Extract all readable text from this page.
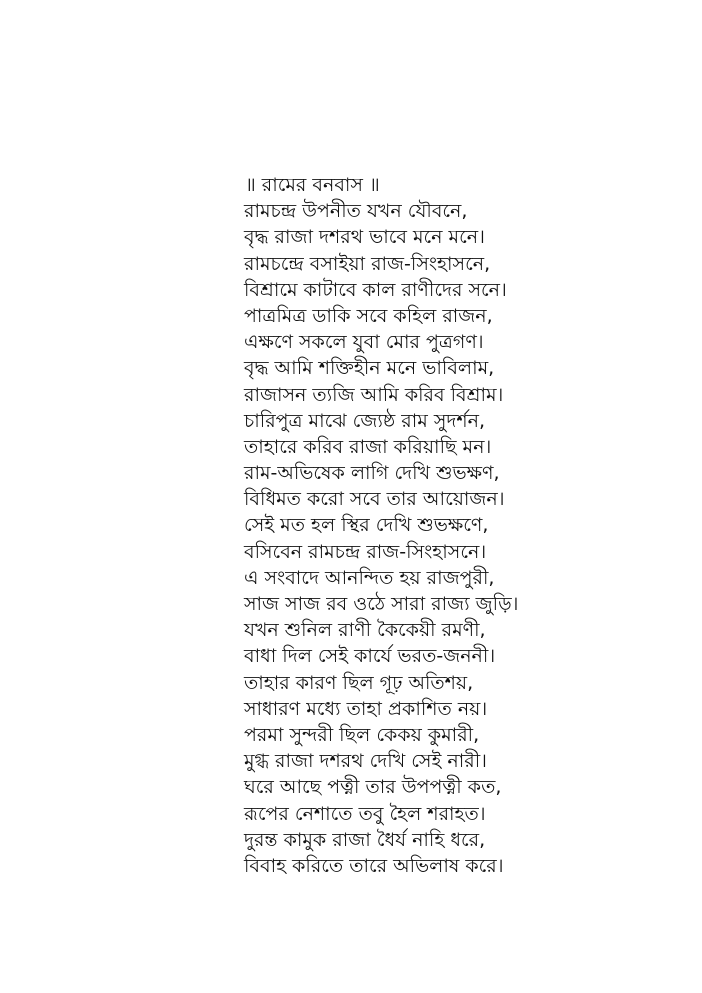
॥ রামের বনবাস ॥
রামচন্দ্র উপনীত যখন যৌবনে,
বৃদ্ধ রাজা দশরথ ভাবে মনে মনে।
রামচন্দ্রে বসাইয়া রাজ-সিংহাসনে,
বিশ্রামে কাটাবে কাল রাণীদের সনে।
পাত্রমিত্র ডাকি সবে কহিল রাজন,
এক্ষণে সকলে যুবা মোর পুত্রগণ।
বৃদ্ধ আমি শক্তিহীন মনে ভাবিলাম,
রাজাসন ত্যজি আমি করিব বিশ্রাম।
চারিপুত্র মাঝে জ্যেষ্ঠ রাম সুদর্শন,
তাহারে করিব রাজা করিয়াছি মন।
রাম-অভিষেক লাগি দেখি শুভক্ষণ,
বিধিমত করো সবে তার আয়োজন।
সেই মত হল স্থির দেখি শুভক্ষণে,
বসিবেন রামচন্দ্র রাজ-সিংহাসনে।
এ সংবাদে আনন্দিত হয় রাজপুরী,
সাজ সাজ রব ওঠে সারা রাজ্য জুড়ি।
যখন শুনিল রাণী কৈকেয়ী রমণী,
বাধা দিল সেই কার্যে ভরত-জননী।
তাহার কারণ ছিল গূঢ় অতিশয়,
সাধারণ মধ্যে তাহা প্রকাশিত নয়।
পরমা সুন্দরী ছিল কেকয় কুমারী,
মুগ্ধ রাজা দশরথ দেখি সেই নারী।
ঘরে আছে পত্নী তার উপপত্নী কত,
রূপের নেশাতে তবু হৈল শরাহত।
দুরন্ত কামুক রাজা ধৈর্য নাহি ধরে,
বিবাহ করিতে তারে অভিলাষ করে।
